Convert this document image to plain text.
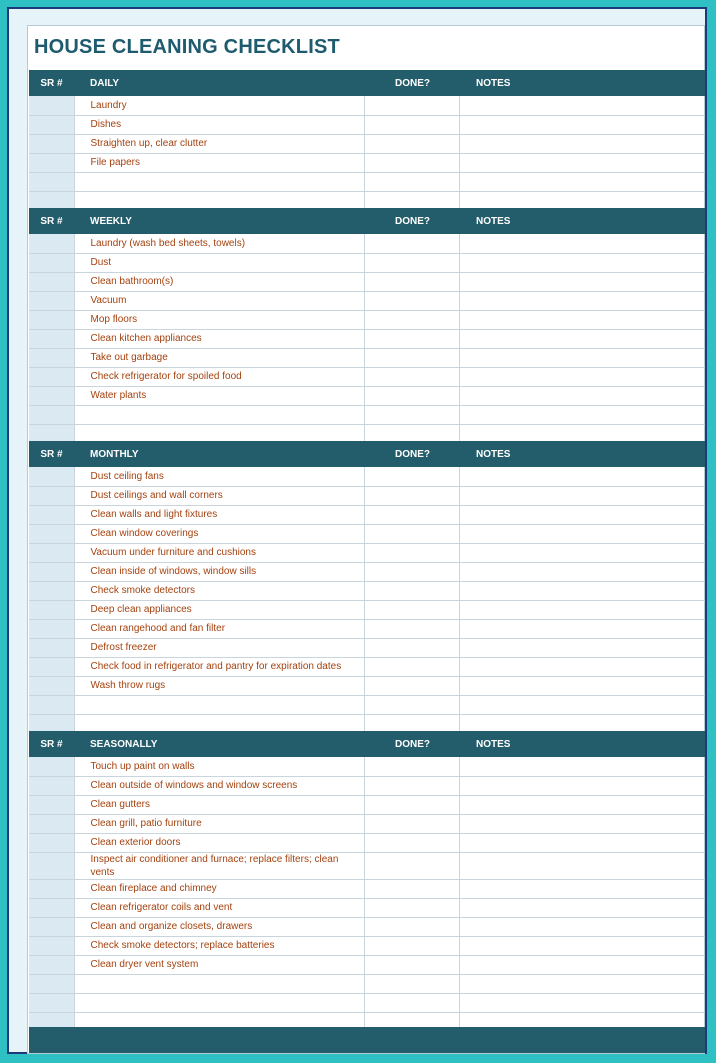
HOUSE CLEANING CHECKLIST
SR #	DAILY	DONE?	NOTES
	Laundry		
	Dishes		
	Straighten up, clear clutter		
	File papers		

SR #	WEEKLY	DONE?	NOTES
	Laundry (wash bed sheets, towels)		
	Dust		
	Clean bathroom(s)		
	Vacuum		
	Mop floors		
	Clean kitchen appliances		
	Take out garbage		
	Check refrigerator for spoiled food		
	Water plants		

SR #	MONTHLY	DONE?	NOTES
	Dust ceiling fans		
	Dust ceilings and wall corners		
	Clean walls and light fixtures		
	Clean window coverings		
	Vacuum under furniture and cushions		
	Clean inside of windows, window sills		
	Check smoke detectors		
	Deep clean appliances		
	Clean rangehood and fan filter		
	Defrost freezer		
	Check food in refrigerator and pantry for expiration dates		
	Wash throw rugs		

SR #	SEASONALLY	DONE?	NOTES
	Touch up paint on walls		
	Clean outside of windows and window screens		
	Clean gutters		
	Clean grill, patio furniture		
	Clean exterior doors		
	Inspect air conditioner and furnace; replace filters; clean vents		
	Clean fireplace and chimney		
	Clean refrigerator coils and vent		
	Clean and organize closets, drawers		
	Check smoke detectors; replace batteries		
	Clean dryer vent system		
